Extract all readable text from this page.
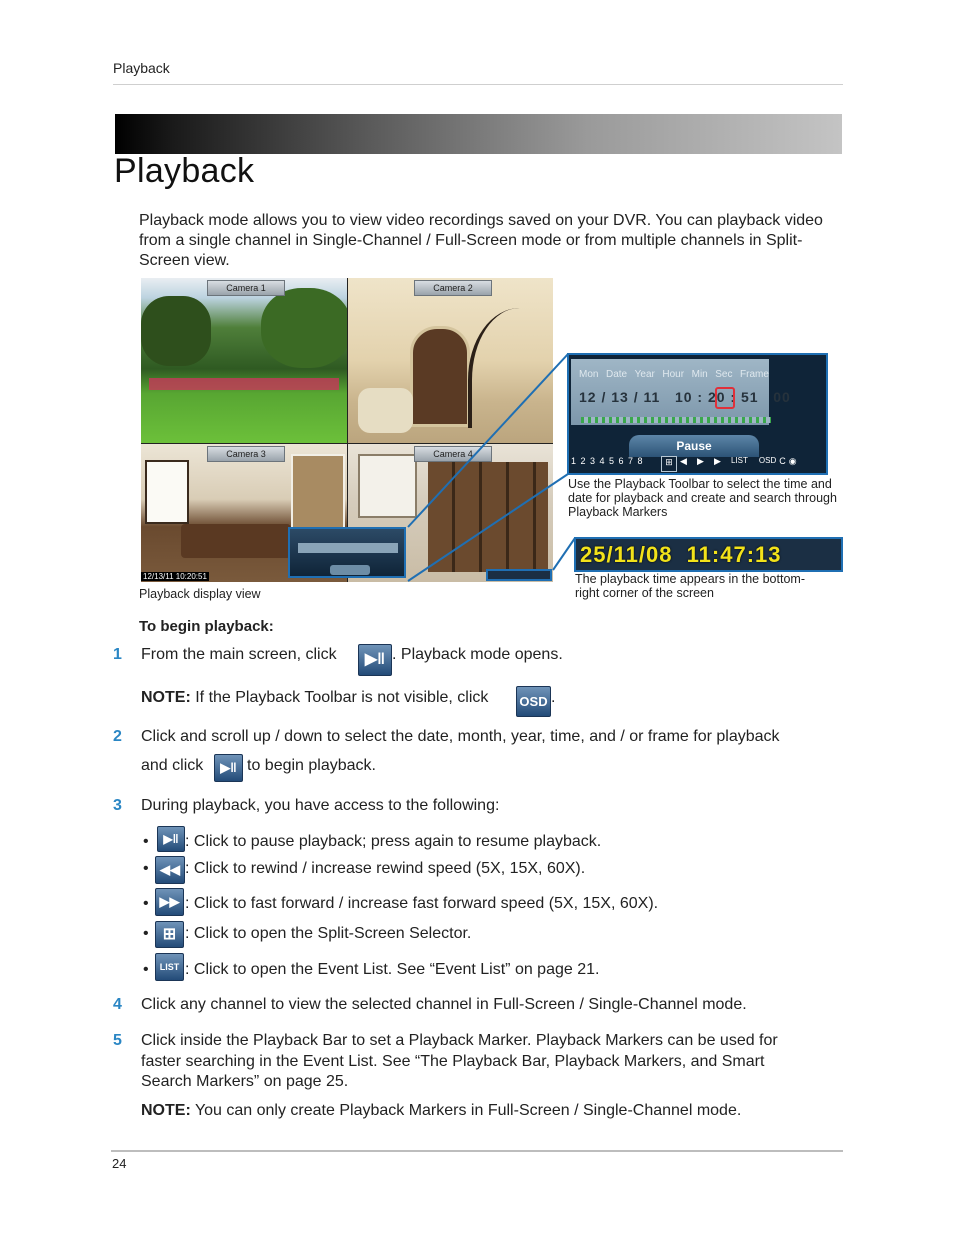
Playback
Playback
Playback mode allows you to view video recordings saved on your DVR. You can playback video from a single channel in Single-Channel / Full-Screen mode or from multiple channels in Split-Screen view.
Camera 1	Camera 2
Camera 3
12/13/11 10:20:51
Camera 4
Playback display view
Mon Date Year Hour Min Sec Frame
12 / 13 / 11   10 : 20 : 51   00
Pause
1 2 3 4 5 6 7 8	⊞ ◀	▶	▶	LIST OSD C ◉
Use the Playback Toolbar to select the time and date for playback and create and search through Playback Markers
25/11/08  11:47:13
The playback time appears in the bottom-right corner of the screen
To begin playback:
1 From the main screen, click	▶‖ . Playback mode opens.
NOTE: If the Playback Toolbar is not visible, click OSD .
2 Click and scroll up / down to select the date, month, year, time, and / or frame for playback
and click	▶‖ to begin playback.
3 During playback, you have access to the following:
•	▶‖ : Click to pause playback; press again to resume playback.
• ◀◀ : Click to rewind / increase rewind speed (5X, 15X, 60X).
• ▶▶ : Click to fast forward / increase fast forward speed (5X, 15X, 60X).
• ⊞ : Click to open the Split-Screen Selector.
•	LIST : Click to open the Event List. See “Event List” on page 21.
4 Click any channel to view the selected channel in Full-Screen / Single-Channel mode.
5 Click inside the Playback Bar to set a Playback Marker. Playback Markers can be used for
faster searching in the Event List. See “The Playback Bar, Playback Markers, and Smart
Search Markers” on page 25.
NOTE: You can only create Playback Markers in Full-Screen / Single-Channel mode.
24
